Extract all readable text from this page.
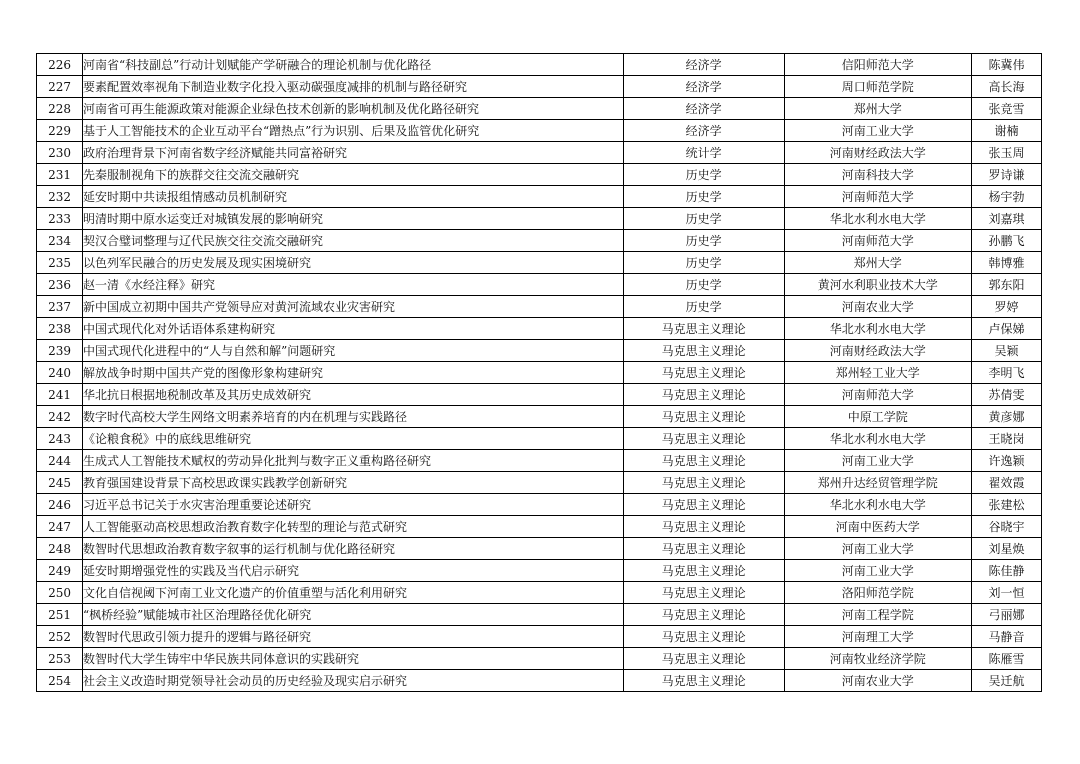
226	河南省“科技副总”行动计划赋能产学研融合的理论机制与优化路径	经济学	信阳师范大学	陈冀伟
227	要素配置效率视角下制造业数字化投入驱动碳强度减排的机制与路径研究	经济学	周口师范学院	高长海
228	河南省可再生能源政策对能源企业绿色技术创新的影响机制及优化路径研究	经济学	郑州大学	张竞雪
229	基于人工智能技术的企业互动平台“蹭热点”行为识别、后果及监管优化研究	经济学	河南工业大学	谢楠
230	政府治理背景下河南省数字经济赋能共同富裕研究	统计学	河南财经政法大学	张玉周
231	先秦服制视角下的族群交往交流交融研究	历史学	河南科技大学	罗诗谦
232	延安时期中共读报组情感动员机制研究	历史学	河南师范大学	杨宇勃
233	明清时期中原水运变迁对城镇发展的影响研究	历史学	华北水利水电大学	刘嘉琪
234	契汉合璧词整理与辽代民族交往交流交融研究	历史学	河南师范大学	孙鹏飞
235	以色列军民融合的历史发展及现实困境研究	历史学	郑州大学	韩博雅
236	赵一清《水经注释》研究	历史学	黄河水利职业技术大学	郭东阳
237	新中国成立初期中国共产党领导应对黄河流域农业灾害研究	历史学	河南农业大学	罗婷
238	中国式现代化对外话语体系建构研究	马克思主义理论	华北水利水电大学	卢保娣
239	中国式现代化进程中的“人与自然和解”问题研究	马克思主义理论	河南财经政法大学	吴颖
240	解放战争时期中国共产党的图像形象构建研究	马克思主义理论	郑州轻工业大学	李明飞
241	华北抗日根据地税制改革及其历史成效研究	马克思主义理论	河南师范大学	苏倩雯
242	数字时代高校大学生网络文明素养培育的内在机理与实践路径	马克思主义理论	中原工学院	黄彦娜
243	《论粮食税》中的底线思维研究	马克思主义理论	华北水利水电大学	王晓岗
244	生成式人工智能技术赋权的劳动异化批判与数字正义重构路径研究	马克思主义理论	河南工业大学	许逸颖
245	教育强国建设背景下高校思政课实践教学创新研究	马克思主义理论	郑州升达经贸管理学院	翟效霞
246	习近平总书记关于水灾害治理重要论述研究	马克思主义理论	华北水利水电大学	张建松
247	人工智能驱动高校思想政治教育数字化转型的理论与范式研究	马克思主义理论	河南中医药大学	谷晓宇
248	数智时代思想政治教育数字叙事的运行机制与优化路径研究	马克思主义理论	河南工业大学	刘星焕
249	延安时期增强党性的实践及当代启示研究	马克思主义理论	河南工业大学	陈佳静
250	文化自信视阈下河南工业文化遗产的价值重塑与活化利用研究	马克思主义理论	洛阳师范学院	刘一恒
251	“枫桥经验”赋能城市社区治理路径优化研究	马克思主义理论	河南工程学院	弓丽娜
252	数智时代思政引领力提升的逻辑与路径研究	马克思主义理论	河南理工大学	马静音
253	数智时代大学生铸牢中华民族共同体意识的实践研究	马克思主义理论	河南牧业经济学院	陈雁雪
254	社会主义改造时期党领导社会动员的历史经验及现实启示研究	马克思主义理论	河南农业大学	吴迁航
